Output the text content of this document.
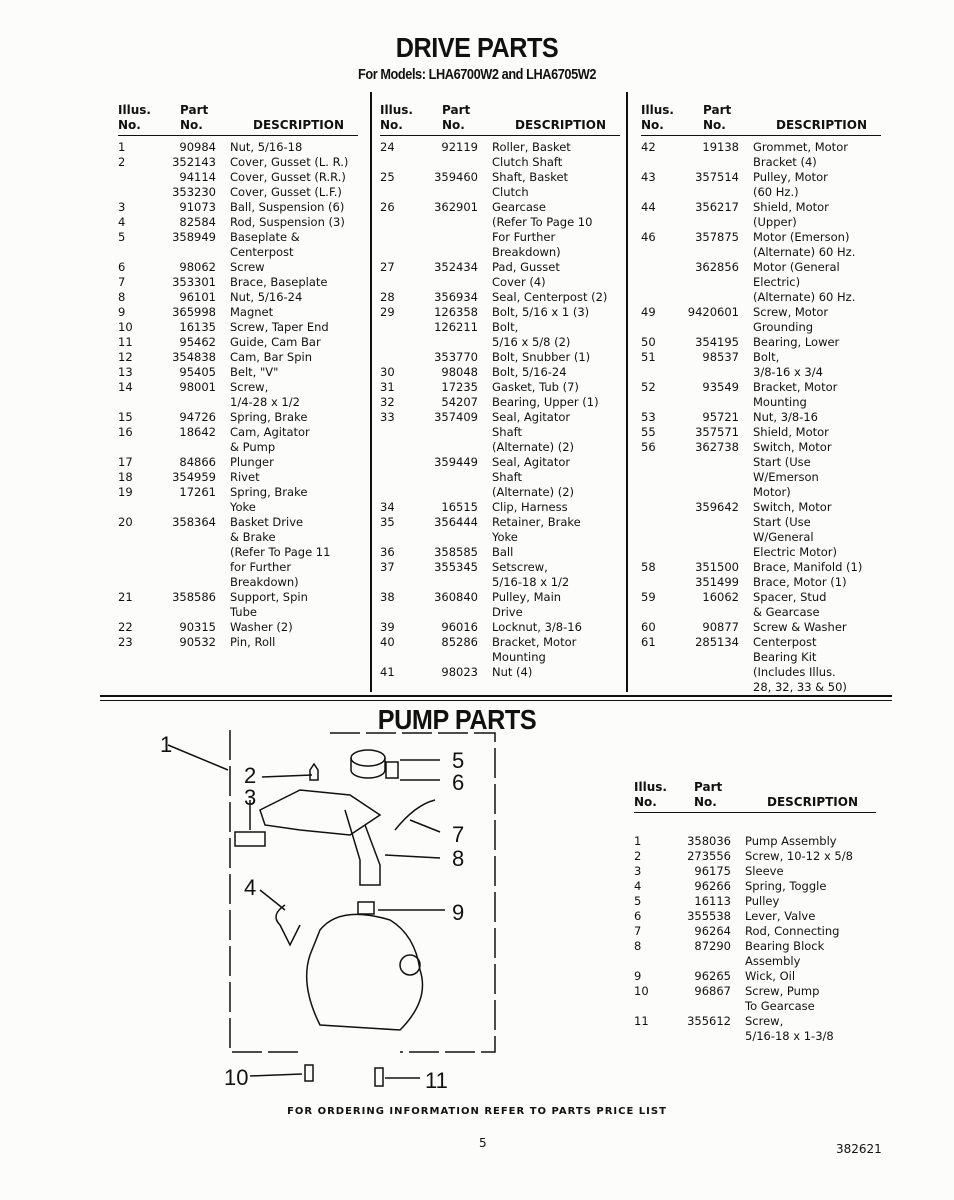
DRIVE PARTS
For Models: LHA6700W2 and LHA6705W2
Illus.
No.
Part
No.	DESCRIPTION
1	90984 Nut, 5/16-18
2	352143 Cover, Gusset (L. R.)
94114 Cover, Gusset (R.R.)
353230 Cover, Gusset (L.F.)
3	91073 Ball, Suspension (6)
4	82584 Rod, Suspension (3)
5	358949 Baseplate &
Centerpost
6	98062 Screw
7	353301 Brace, Baseplate
8	96101 Nut, 5/16-24
9	365998 Magnet
10	16135 Screw, Taper End
11	95462 Guide, Cam Bar
12	354838 Cam, Bar Spin
13	95405 Belt, "V"
14	98001 Screw,
1/4-28 x 1/2
15	94726 Spring, Brake
16	18642 Cam, Agitator
& Pump
17	84866 Plunger
18	354959 Rivet
19	17261 Spring, Brake
Yoke
20	358364 Basket Drive
& Brake
(Refer To Page 11
for Further
Breakdown)
21	358586 Support, Spin
Tube
22	90315 Washer (2)
23	90532 Pin, Roll
Illus.
No.
Part
No.	DESCRIPTION
24	92119 Roller, Basket
Clutch Shaft
25	359460 Shaft, Basket
Clutch
26	362901 Gearcase
(Refer To Page 10
For Further
Breakdown)
27	352434 Pad, Gusset
Cover (4)
28	356934 Seal, Centerpost (2)
29	126358 Bolt, 5/16 x 1 (3)
126211 Bolt,
5/16 x 5/8 (2)
353770 Bolt, Snubber (1)
30	98048 Bolt, 5/16-24
31	17235 Gasket, Tub (7)
32	54207 Bearing, Upper (1)
33	357409 Seal, Agitator
Shaft
(Alternate) (2)
359449 Seal, Agitator
Shaft
(Alternate) (2)
34	16515 Clip, Harness
35	356444 Retainer, Brake
Yoke
36	358585 Ball
37	355345 Setscrew,
5/16-18 x 1/2
38	360840 Pulley, Main
Drive
39	96016 Locknut, 3/8-16
40	85286 Bracket, Motor
Mounting
41	98023 Nut (4)
Illus.
No.
Part
No.	DESCRIPTION
42	19138 Grommet, Motor
Bracket (4)
43	357514 Pulley, Motor
(60 Hz.)
44	356217 Shield, Motor
(Upper)
46	357875 Motor (Emerson)
(Alternate) 60 Hz.
362856 Motor (General
Electric)
(Alternate) 60 Hz.
49	9420601 Screw, Motor
Grounding
50	354195 Bearing, Lower
51	98537 Bolt,
3/8-16 x 3/4
52	93549 Bracket, Motor
Mounting
53	95721 Nut, 3/8-16
55	357571 Shield, Motor
56	362738 Switch, Motor
Start (Use
W/Emerson
Motor)
359642 Switch, Motor
Start (Use
W/General
Electric Motor)
58	351500 Brace, Manifold (1)
351499 Brace, Motor (1)
59	16062 Spacer, Stud
& Gearcase
60	90877 Screw & Washer
61	285134 Centerpost
Bearing Kit
(Includes Illus.
28, 32, 33 & 50)
PUMP PARTS
1
2
3
4
5
6
7
8
9
10	11
Illus.
No.
Part
No.	DESCRIPTION
1	358036 Pump Assembly
2	273556 Screw, 10-12 x 5/8
3	96175 Sleeve
4	96266 Spring, Toggle
5	16113 Pulley
6	355538 Lever, Valve
7	96264 Rod, Connecting
8	87290 Bearing Block
Assembly
9	96265 Wick, Oil
10	96867 Screw, Pump
To Gearcase
11	355612 Screw,
5/16-18 x 1-3/8
FOR ORDERING INFORMATION REFER TO PARTS PRICE LIST
5	382621
